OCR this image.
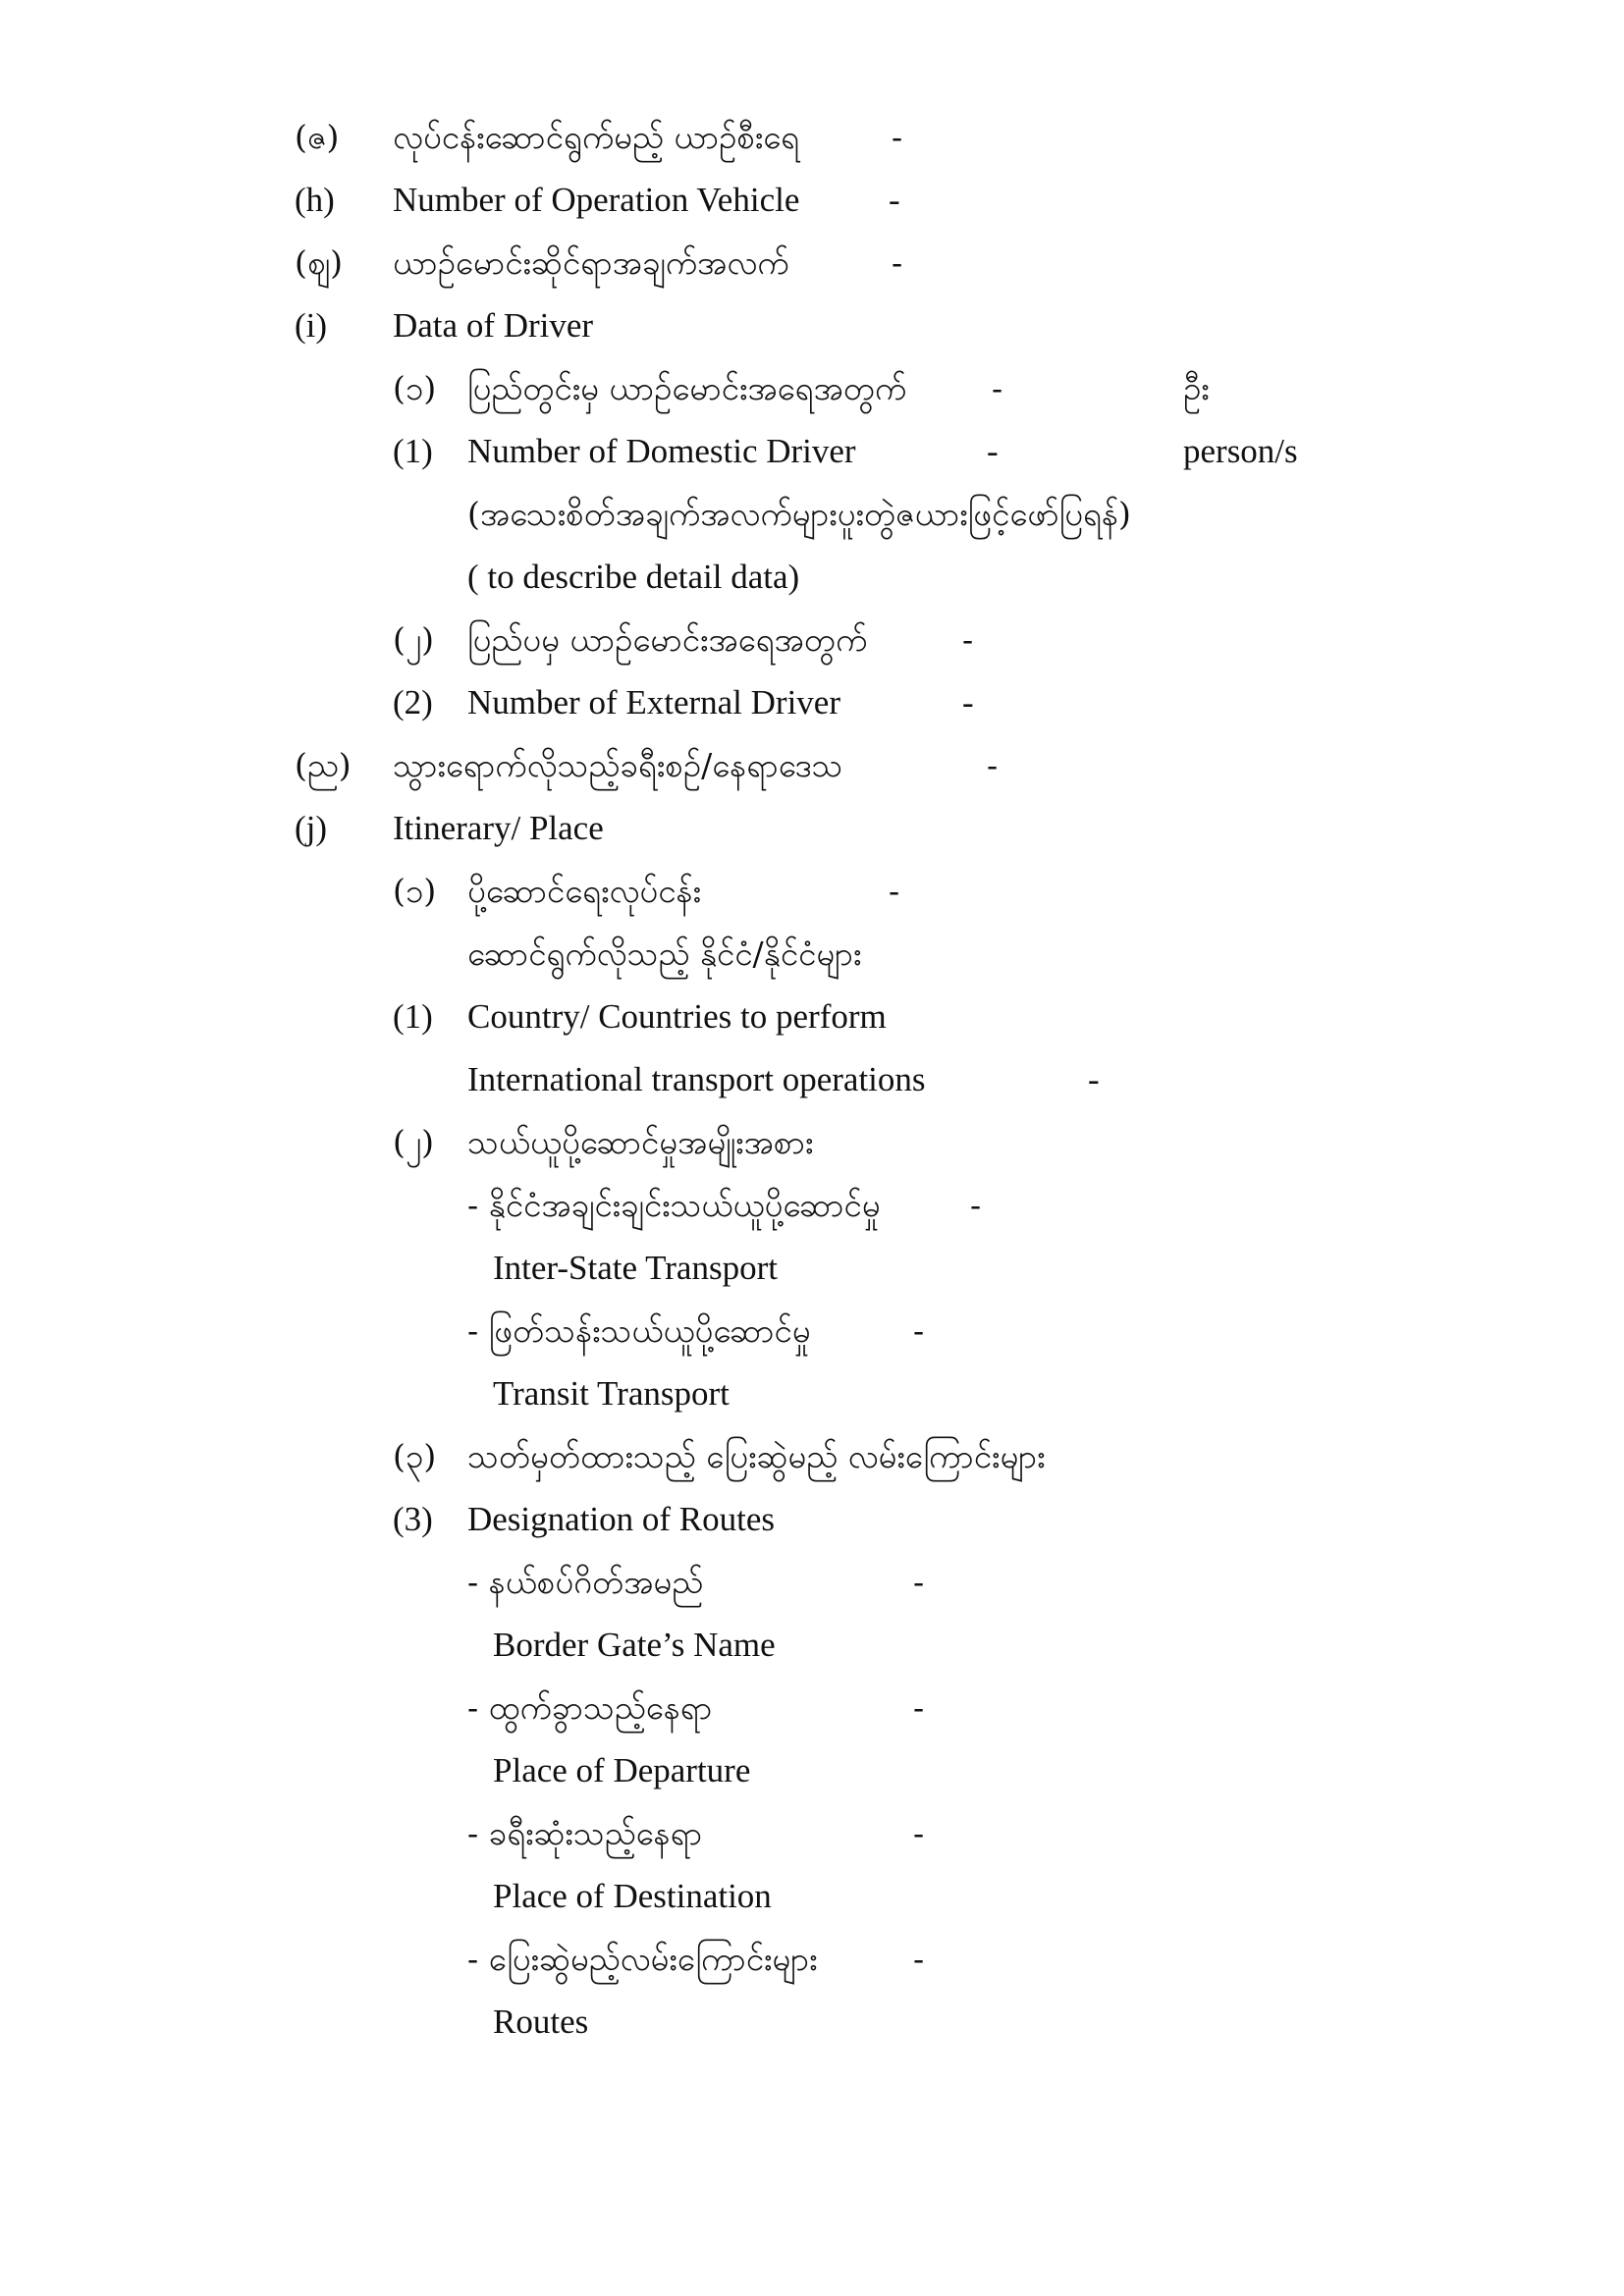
(ဇ) လုပ်ငန်းဆောင်ရွက်မည့် ယာဉ်စီးရေ	-
(h) Number of Operation Vehicle	-
(ဈ) ယာဉ်မောင်းဆိုင်ရာအချက်အလက်	-
(i) Data of Driver
(၁) ပြည်တွင်းမှ ယာဉ်မောင်းအရေအတွက်	-	ဦး
(1) Number of Domestic Driver	-	person/s
(အသေးစိတ်အချက်အလက်များပူးတွဲဇယားဖြင့်ဖော်ပြရန်)
( to describe detail data)
(၂) ပြည်ပမှ ယာဉ်မောင်းအရေအတွက်	-
(2) Number of External Driver	-
(ည) သွားရောက်လိုသည့်ခရီးစဉ်/နေရာဒေသ	-
(j) Itinerary/ Place
(၁) ပို့ဆောင်ရေးလုပ်ငန်း	-
ဆောင်ရွက်လိုသည့် နိုင်ငံ/နိုင်ငံများ
(1) Country/ Countries to perform
International transport operations	-
(၂) သယ်ယူပို့ဆောင်မှုအမျိုးအစား
- နိုင်ငံအချင်းချင်းသယ်ယူပို့ဆောင်မှု	-
Inter-State Transport
- ဖြတ်သန်းသယ်ယူပို့ဆောင်မှု	-
Transit Transport
(၃) သတ်မှတ်ထားသည့် ပြေးဆွဲမည့် လမ်းကြောင်းများ
(3) Designation of Routes
- နယ်စပ်ဂိတ်အမည်	-
Border Gate’s Name
- ထွက်ခွာသည့်နေရာ	-
Place of Departure
- ခရီးဆုံးသည့်နေရာ	-
Place of Destination
- ပြေးဆွဲမည့်လမ်းကြောင်းများ	-
Routes
